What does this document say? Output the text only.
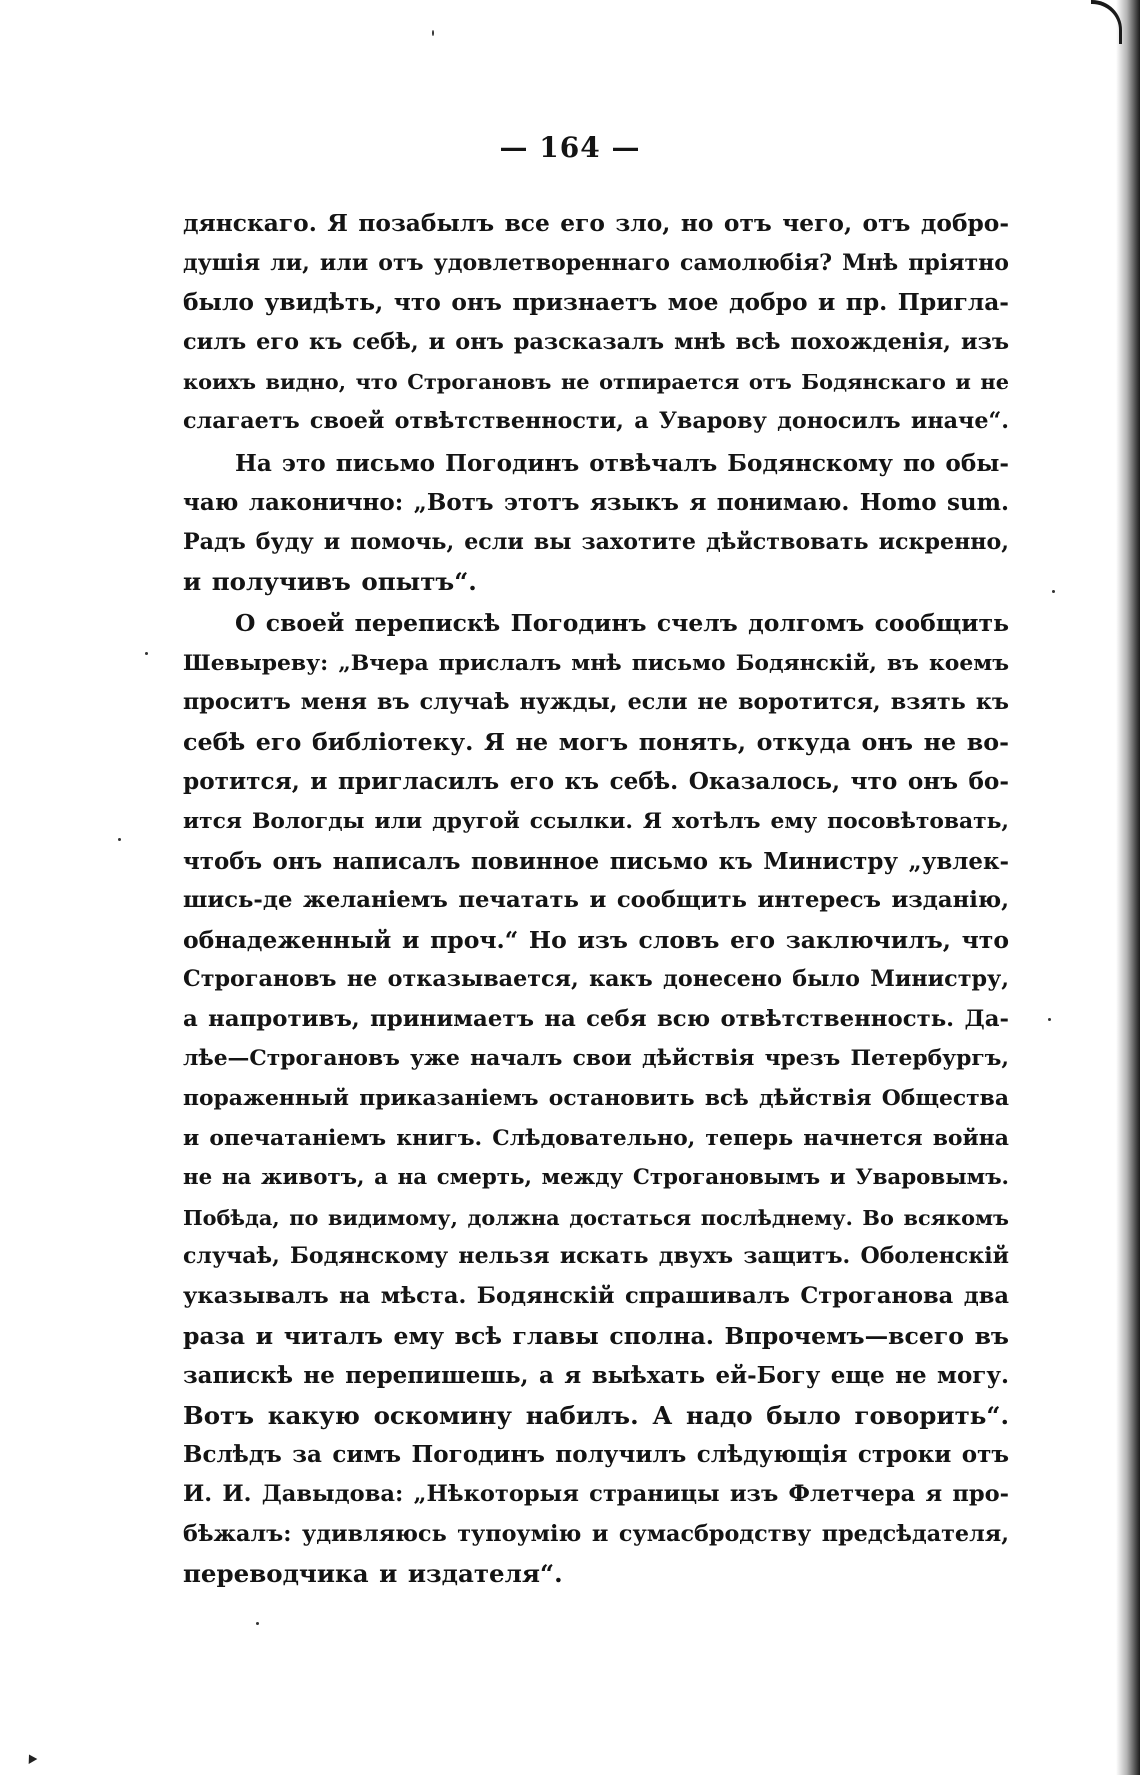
— 164 —

дянскаго. Я позабылъ все его зло, но отъ чего, отъ добро-
душія ли, или отъ удовлетвореннаго самолюбія? Мнѣ пріятно
было увидѣть, что онъ признаетъ мое добро и пр. Пригла-
силъ его къ себѣ, и онъ разсказалъ мнѣ всѣ похожденія, изъ
коихъ видно, что Строгановъ не отпирается отъ Бодянскаго и не
слагаетъ своей отвѣтственности, а Уварову доносилъ иначе“.
На это письмо Погодинъ отвѣчалъ Бодянскому по обы-
чаю лаконично: „Вотъ этотъ языкъ я понимаю. Homo sum.
Радъ буду и помочь, если вы захотите дѣйствовать искренно,
и получивъ опытъ“.
О своей перепискѣ Погодинъ счелъ долгомъ сообщить
Шевыреву: „Вчера прислалъ мнѣ письмо Бодянскій, въ коемъ
проситъ меня въ случаѣ нужды, если не воротится, взять къ
себѣ его библіотеку. Я не могъ понять, откуда онъ не во-
ротится, и пригласилъ его къ себѣ. Оказалось, что онъ бо-
ится Вологды или другой ссылки. Я хотѣлъ ему посовѣтовать,
чтобъ онъ написалъ повинное письмо къ Министру „увлек-
шись-де желаніемъ печатать и сообщить интересъ изданію,
обнадеженный и проч.“ Но изъ словъ его заключилъ, что
Строгановъ не отказывается, какъ донесено было Министру,
а напротивъ, принимаетъ на себя всю отвѣтственность. Да-
лѣе—Строгановъ уже началъ свои дѣйствія чрезъ Петербургъ,
пораженный приказаніемъ остановить всѣ дѣйствія Общества
и опечатаніемъ книгъ. Слѣдовательно, теперь начнется война
не на животъ, а на смерть, между Строгановымъ и Уваровымъ.
Побѣда, по видимому, должна достаться послѣднему. Во всякомъ
случаѣ, Бодянскому нельзя искать двухъ защитъ. Оболенскій
указывалъ на мѣста. Бодянскій спрашивалъ Строганова два
раза и читалъ ему всѣ главы сполна. Впрочемъ—всего въ
запискѣ не перепишешь, а я выѣхать ей-Богу еще не могу.
Вотъ какую оскомину набилъ. А надо было говорить“.
Вслѣдъ за симъ Погодинъ получилъ слѣдующія строки отъ
И. И. Давыдова: „Нѣкоторыя страницы изъ Флетчера я про-
бѣжалъ: удивляюсь тупоумію и сумасбродству предсѣдателя,
переводчика и издателя“.
